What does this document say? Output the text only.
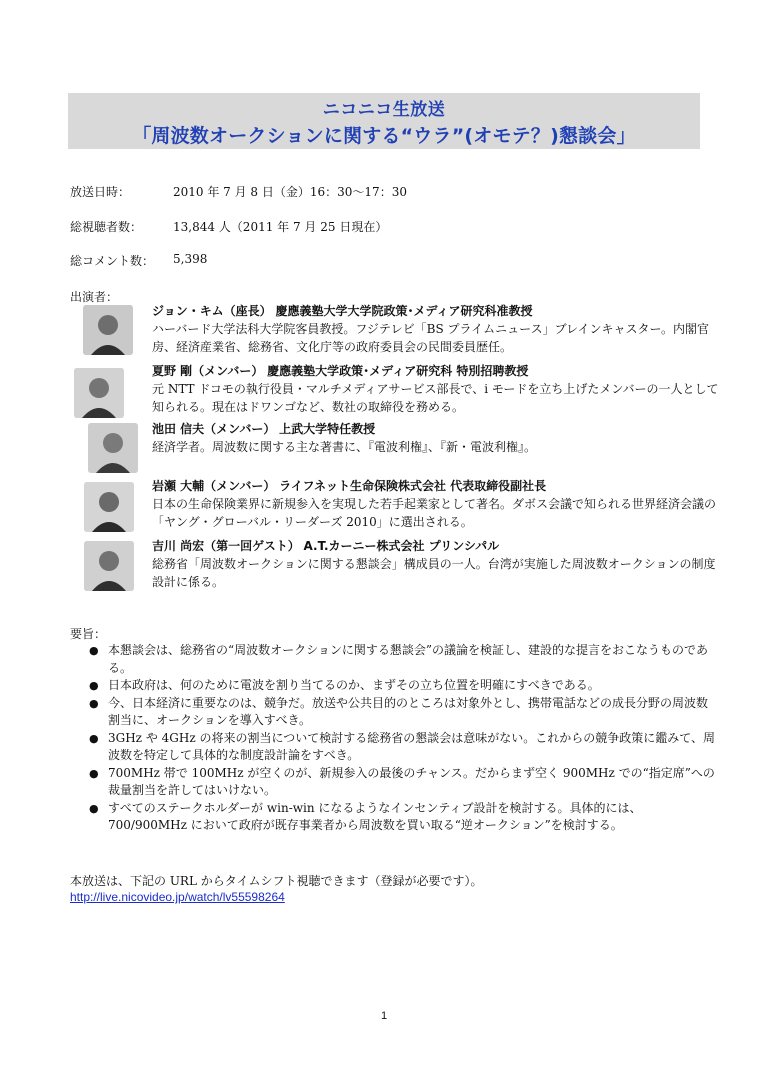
ニコニコ生放送
「周波数オークションに関する“ウラ”(オモテ？)懇談会」
放送日時：	2010 年 7 月 8 日（金）16：30〜17：30
総視聴者数：	13,844 人（2011 年 7 月 25 日現在）
総コメント数： 5,398
出演者：
ジョン・キム（座長） 慶應義塾大学大学院政策･メディア研究科准教授
ハーバード大学法科大学院客員教授。フジテレビ「BS プライムニュース」ブレインキャスター。内閣官房、経済産業省、総務省、文化庁等の政府委員会の民間委員歴任。
夏野 剛（メンバー） 慶應義塾大学政策･メディア研究科 特別招聘教授
元 NTT ドコモの執行役員・マルチメディアサービス部長で、i モードを立ち上げたメンバーの一人として知られる。現在はドワンゴなど、数社の取締役を務める。
池田 信夫（メンバー） 上武大学特任教授
経済学者。周波数に関する主な著書に、『電波利権』、『新・電波利権』。
岩瀬 大輔（メンバー） ライフネット生命保険株式会社 代表取締役副社長
日本の生命保険業界に新規参入を実現した若手起業家として著名。ダボス会議で知られる世界経済会議の「ヤング・グローバル・リーダーズ 2010」に選出される。
吉川 尚宏（第一回ゲスト） A.T.カーニー株式会社 プリンシパル
総務省「周波数オークションに関する懇談会」構成員の一人。台湾が実施した周波数オークションの制度設計に係る。
要旨：
● 本懇談会は、総務省の“周波数オークションに関する懇談会”の議論を検証し、建設的な提言をおこなうものである。
● 日本政府は、何のために電波を割り当てるのか、まずその立ち位置を明確にすべきである。
● 今、日本経済に重要なのは、競争だ。放送や公共目的のところは対象外とし、携帯電話などの成長分野の周波数割当に、オークションを導入すべき。
● 3GHz や 4GHz の将来の割当について検討する総務省の懇談会は意味がない。これからの競争政策に鑑みて、周波数を特定して具体的な制度設計論をすべき。
● 700MHz 帯で 100MHz が空くのが、新規参入の最後のチャンス。だからまず空く 900MHz での“指定席”への裁量割当を許してはいけない。
● すべてのステークホルダーが win-win になるようなインセンティブ設計を検討する。具体的には、700/900MHz において政府が既存事業者から周波数を買い取る“逆オークション”を検討する。
本放送は、下記の URL からタイムシフト視聴できます（登録が必要です）。
http://live.nicovideo.jp/watch/lv55598264
1
